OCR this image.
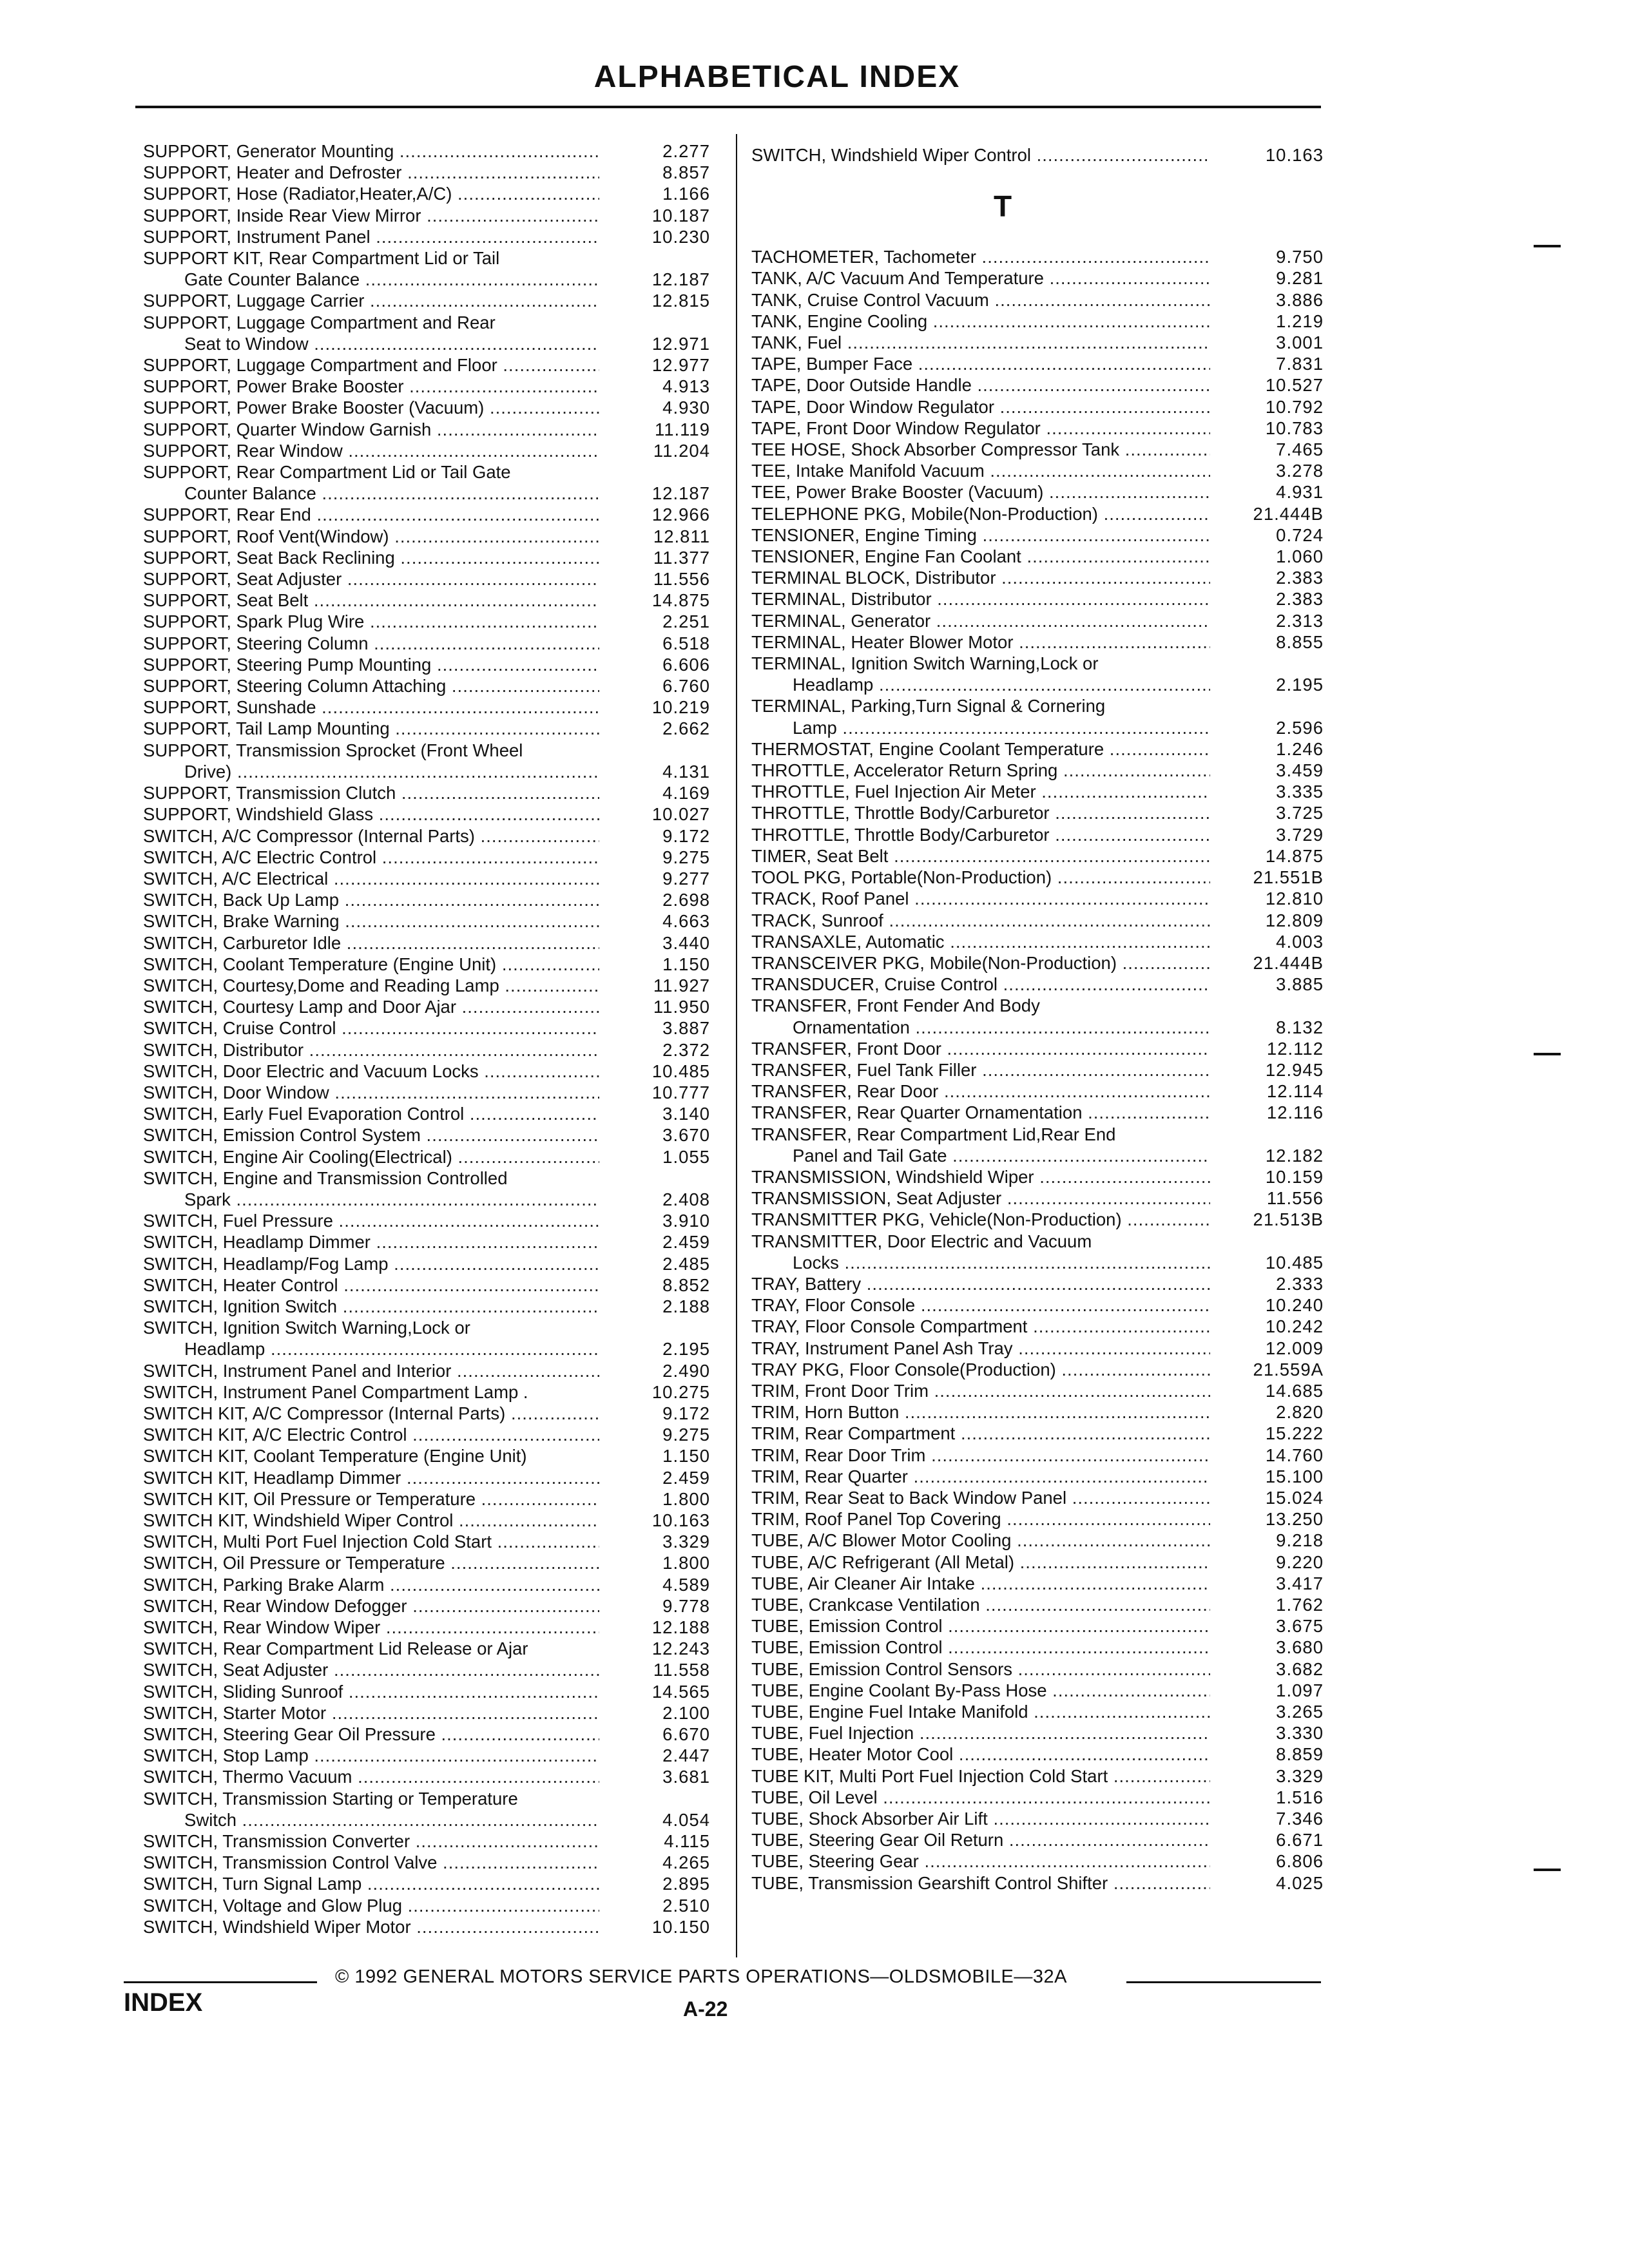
ALPHABETICAL INDEX
SUPPORT, Generator Mounting .....	2.277
SUPPORT, Heater and Defroster .....	8.857
SUPPORT, Hose (Radiator,Heater,A/C) .....	1.166
SUPPORT, Inside Rear View Mirror .....	10.187
SUPPORT, Instrument Panel .....	10.230
SUPPORT KIT, Rear Compartment Lid or Tail
Gate Counter Balance .....	12.187
SUPPORT, Luggage Carrier .....	12.815
SUPPORT, Luggage Compartment and Rear
Seat to Window .....	12.971
SUPPORT, Luggage Compartment and Floor .....	12.977
SUPPORT, Power Brake Booster .....	4.913
SUPPORT, Power Brake Booster (Vacuum) .....	4.930
SUPPORT, Quarter Window Garnish .....	11.119
SUPPORT, Rear Window .....	11.204
SUPPORT, Rear Compartment Lid or Tail Gate
Counter Balance .....	12.187
SUPPORT, Rear End .....	12.966
SUPPORT, Roof Vent(Window) .....	12.811
SUPPORT, Seat Back Reclining .....	11.377
SUPPORT, Seat Adjuster .....	11.556
SUPPORT, Seat Belt .....	14.875
SUPPORT, Spark Plug Wire .....	2.251
SUPPORT, Steering Column .....	6.518
SUPPORT, Steering Pump Mounting .....	6.606
SUPPORT, Steering Column Attaching .....	6.760
SUPPORT, Sunshade .....	10.219
SUPPORT, Tail Lamp Mounting .....	2.662
SUPPORT, Transmission Sprocket (Front Wheel
Drive) .....	4.131
SUPPORT, Transmission Clutch .....	4.169
SUPPORT, Windshield Glass .....	10.027
SWITCH, A/C Compressor (Internal Parts) .....	9.172
SWITCH, A/C Electric Control .....	9.275
SWITCH, A/C Electrical .....	9.277
SWITCH, Back Up Lamp .....	2.698
SWITCH, Brake Warning .....	4.663
SWITCH, Carburetor Idle .....	3.440
SWITCH, Coolant Temperature (Engine Unit) .....	1.150
SWITCH, Courtesy,Dome and Reading Lamp .....	11.927
SWITCH, Courtesy Lamp and Door Ajar .....	11.950
SWITCH, Cruise Control .....	3.887
SWITCH, Distributor .....	2.372
SWITCH, Door Electric and Vacuum Locks .....	10.485
SWITCH, Door Window .....	10.777
SWITCH, Early Fuel Evaporation Control .....	3.140
SWITCH, Emission Control System .....	3.670
SWITCH, Engine Air Cooling(Electrical) .....	1.055
SWITCH, Engine and Transmission Controlled
Spark .....	2.408
SWITCH, Fuel Pressure .....	3.910
SWITCH, Headlamp Dimmer .....	2.459
SWITCH, Headlamp/Fog Lamp .....	2.485
SWITCH, Heater Control .....	8.852
SWITCH, Ignition Switch .....	2.188
SWITCH, Ignition Switch Warning,Lock or
Headlamp .....	2.195
SWITCH, Instrument Panel and Interior .....	2.490
SWITCH, Instrument Panel Compartment Lamp .	10.275
SWITCH KIT, A/C Compressor (Internal Parts) .....	9.172
SWITCH KIT, A/C Electric Control .....	9.275
SWITCH KIT, Coolant Temperature (Engine Unit)	1.150
SWITCH KIT, Headlamp Dimmer .....	2.459
SWITCH KIT, Oil Pressure or Temperature .....	1.800
SWITCH KIT, Windshield Wiper Control .....	10.163
SWITCH, Multi Port Fuel Injection Cold Start .....	3.329
SWITCH, Oil Pressure or Temperature .....	1.800
SWITCH, Parking Brake Alarm .....	4.589
SWITCH, Rear Window Defogger .....	9.778
SWITCH, Rear Window Wiper .....	12.188
SWITCH, Rear Compartment Lid Release or Ajar	12.243
SWITCH, Seat Adjuster .....	11.558
SWITCH, Sliding Sunroof .....	14.565
SWITCH, Starter Motor .....	2.100
SWITCH, Steering Gear Oil Pressure .....	6.670
SWITCH, Stop Lamp .....	2.447
SWITCH, Thermo Vacuum .....	3.681
SWITCH, Transmission Starting or Temperature
Switch .....	4.054
SWITCH, Transmission Converter .....	4.115
SWITCH, Transmission Control Valve .....	4.265
SWITCH, Turn Signal Lamp .....	2.895
SWITCH, Voltage and Glow Plug .....	2.510
SWITCH, Windshield Wiper Motor .....	10.150
SWITCH, Windshield Wiper Control .....	10.163
T
TACHOMETER, Tachometer .....	9.750
TANK, A/C Vacuum And Temperature .....	9.281
TANK, Cruise Control Vacuum .....	3.886
TANK, Engine Cooling .....	1.219
TANK, Fuel .....	3.001
TAPE, Bumper Face .....	7.831
TAPE, Door Outside Handle .....	10.527
TAPE, Door Window Regulator .....	10.792
TAPE, Front Door Window Regulator .....	10.783
TEE HOSE, Shock Absorber Compressor Tank .....	7.465
TEE, Intake Manifold Vacuum .....	3.278
TEE, Power Brake Booster (Vacuum) .....	4.931
TELEPHONE PKG, Mobile(Non-Production) .....	21.444B
TENSIONER, Engine Timing .....	0.724
TENSIONER, Engine Fan Coolant .....	1.060
TERMINAL BLOCK, Distributor .....	2.383
TERMINAL, Distributor .....	2.383
TERMINAL, Generator .....	2.313
TERMINAL, Heater Blower Motor .....	8.855
TERMINAL, Ignition Switch Warning,Lock or
Headlamp .....	2.195
TERMINAL, Parking,Turn Signal & Cornering
Lamp .....	2.596
THERMOSTAT, Engine Coolant Temperature .....	1.246
THROTTLE, Accelerator Return Spring .....	3.459
THROTTLE, Fuel Injection Air Meter .....	3.335
THROTTLE, Throttle Body/Carburetor .....	3.725
THROTTLE, Throttle Body/Carburetor .....	3.729
TIMER, Seat Belt .....	14.875
TOOL PKG, Portable(Non-Production) .....	21.551B
TRACK, Roof Panel .....	12.810
TRACK, Sunroof .....	12.809
TRANSAXLE, Automatic .....	4.003
TRANSCEIVER PKG, Mobile(Non-Production) .....	21.444B
TRANSDUCER, Cruise Control .....	3.885
TRANSFER, Front Fender And Body
Ornamentation .....	8.132
TRANSFER, Front Door .....	12.112
TRANSFER, Fuel Tank Filler .....	12.945
TRANSFER, Rear Door .....	12.114
TRANSFER, Rear Quarter Ornamentation .....	12.116
TRANSFER, Rear Compartment Lid,Rear End
Panel and Tail Gate .....	12.182
TRANSMISSION, Windshield Wiper .....	10.159
TRANSMISSION, Seat Adjuster .....	11.556
TRANSMITTER PKG, Vehicle(Non-Production) .....	21.513B
TRANSMITTER, Door Electric and Vacuum
Locks .....	10.485
TRAY, Battery .....	2.333
TRAY, Floor Console .....	10.240
TRAY, Floor Console Compartment .....	10.242
TRAY, Instrument Panel Ash Tray .....	12.009
TRAY PKG, Floor Console(Production) .....	21.559A
TRIM, Front Door Trim .....	14.685
TRIM, Horn Button .....	2.820
TRIM, Rear Compartment .....	15.222
TRIM, Rear Door Trim .....	14.760
TRIM, Rear Quarter .....	15.100
TRIM, Rear Seat to Back Window Panel .....	15.024
TRIM, Roof Panel Top Covering .....	13.250
TUBE, A/C Blower Motor Cooling .....	9.218
TUBE, A/C Refrigerant (All Metal) .....	9.220
TUBE, Air Cleaner Air Intake .....	3.417
TUBE, Crankcase Ventilation .....	1.762
TUBE, Emission Control .....	3.675
TUBE, Emission Control .....	3.680
TUBE, Emission Control Sensors .....	3.682
TUBE, Engine Coolant By-Pass Hose .....	1.097
TUBE, Engine Fuel Intake Manifold .....	3.265
TUBE, Fuel Injection .....	3.330
TUBE, Heater Motor Cool .....	8.859
TUBE KIT, Multi Port Fuel Injection Cold Start .....	3.329
TUBE, Oil Level .....	1.516
TUBE, Shock Absorber Air Lift .....	7.346
TUBE, Steering Gear Oil Return .....	6.671
TUBE, Steering Gear .....	6.806
TUBE, Transmission Gearshift Control Shifter .....	4.025
© 1992 GENERAL MOTORS SERVICE PARTS OPERATIONS—OLDSMOBILE—32A
INDEX	A-22
